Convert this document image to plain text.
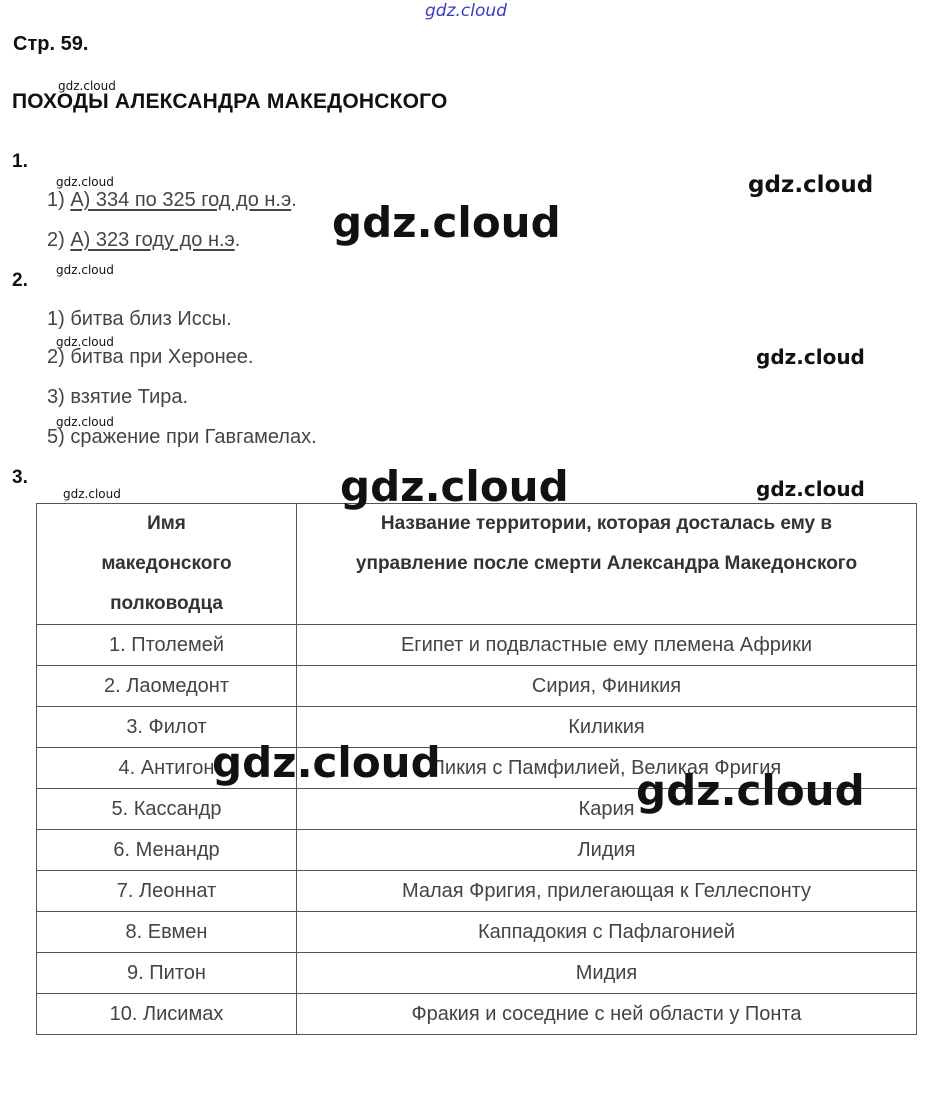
gdz.cloud
Стр. 59.
gdz.cloud
ПОХОДЫ АЛЕКСАНДРА МАКЕДОНСКОГО
1.
gdz.cloud
1) А) 334 по 325 год до н.э.
2) А) 323 году до н.э.
gdz.cloud
gdz.cloud
gdz.cloud
2.
1) битва близ Иссы.
gdz.cloud
2) битва при Херонее.	gdz.cloud
3) взятие Тира.
gdz.cloud
5) сражение при Гавгамелах.
3.
gdz.cloud	gdz.cloud
Имя македонского полководца	Название территории, которая досталась ему в управление после смерти Александра Македонского

1. Птолемей	Египет и подвластные ему племена Африки
2. Лаомедонт	Сирия, Финикия
3. Филот	Киликия
4. Антигон	Ликия с Памфилией, Великая Фригия
5. Кассандр	Кария
6. Менандр	Лидия
7. Леоннат	Малая Фригия, прилегающая к Геллеспонту
8. Евмен	Каппадокия с Пафлагонией
9. Питон	Мидия
10. Лисимах	Фракия и соседние с ней области у Понта
gdz.cloud
gdz.cloud
gdz.cloud
